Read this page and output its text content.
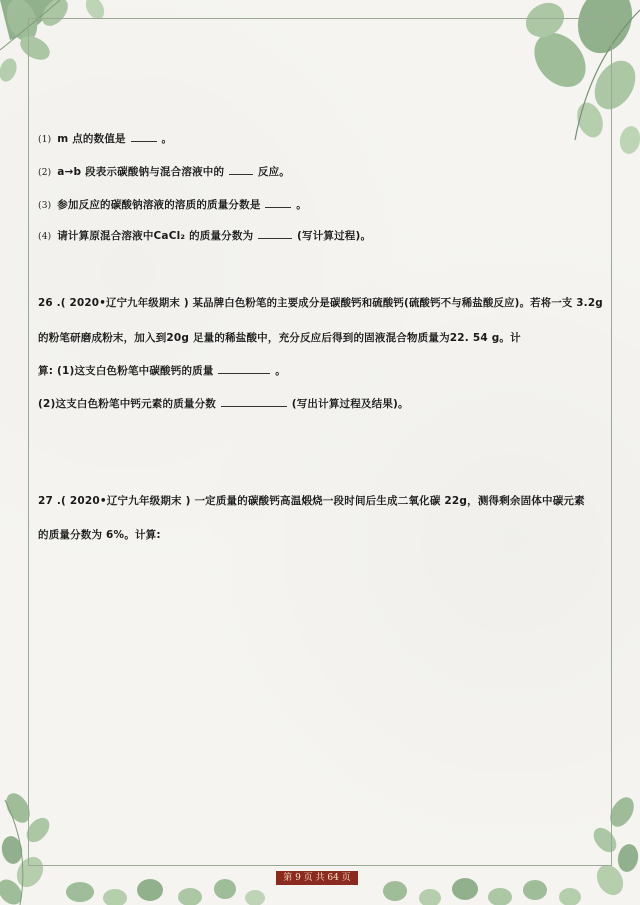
(1) m 点的数值是	。
(2) a→b 段表示碳酸钠与混合溶液中的	反应。
(3) 参加反应的碳酸钠溶液的溶质的质量分数是	。
(4) 请计算原混合溶液中CaCl₂ 的质量分数为	(写计算过程)。
26 .( 2020•辽宁九年级期末 ) 某品牌白色粉笔的主要成分是碳酸钙和硫酸钙(硫酸钙不与稀盐酸反应)。若将一支 3.2g
的粉笔研磨成粉末，加入到20g 足量的稀盐酸中，充分反应后得到的固液混合物质量为22. 54 g。计
算: (1)这支白色粉笔中碳酸钙的质量	。
(2)这支白色粉笔中钙元素的质量分数	(写出计算过程及结果)。
27 .( 2020•辽宁九年级期末 ) 一定质量的碳酸钙高温煅烧一段时间后生成二氧化碳 22g，测得剩余固体中碳元素
的质量分数为 6%。计算:
第 9 页 共 64 页
